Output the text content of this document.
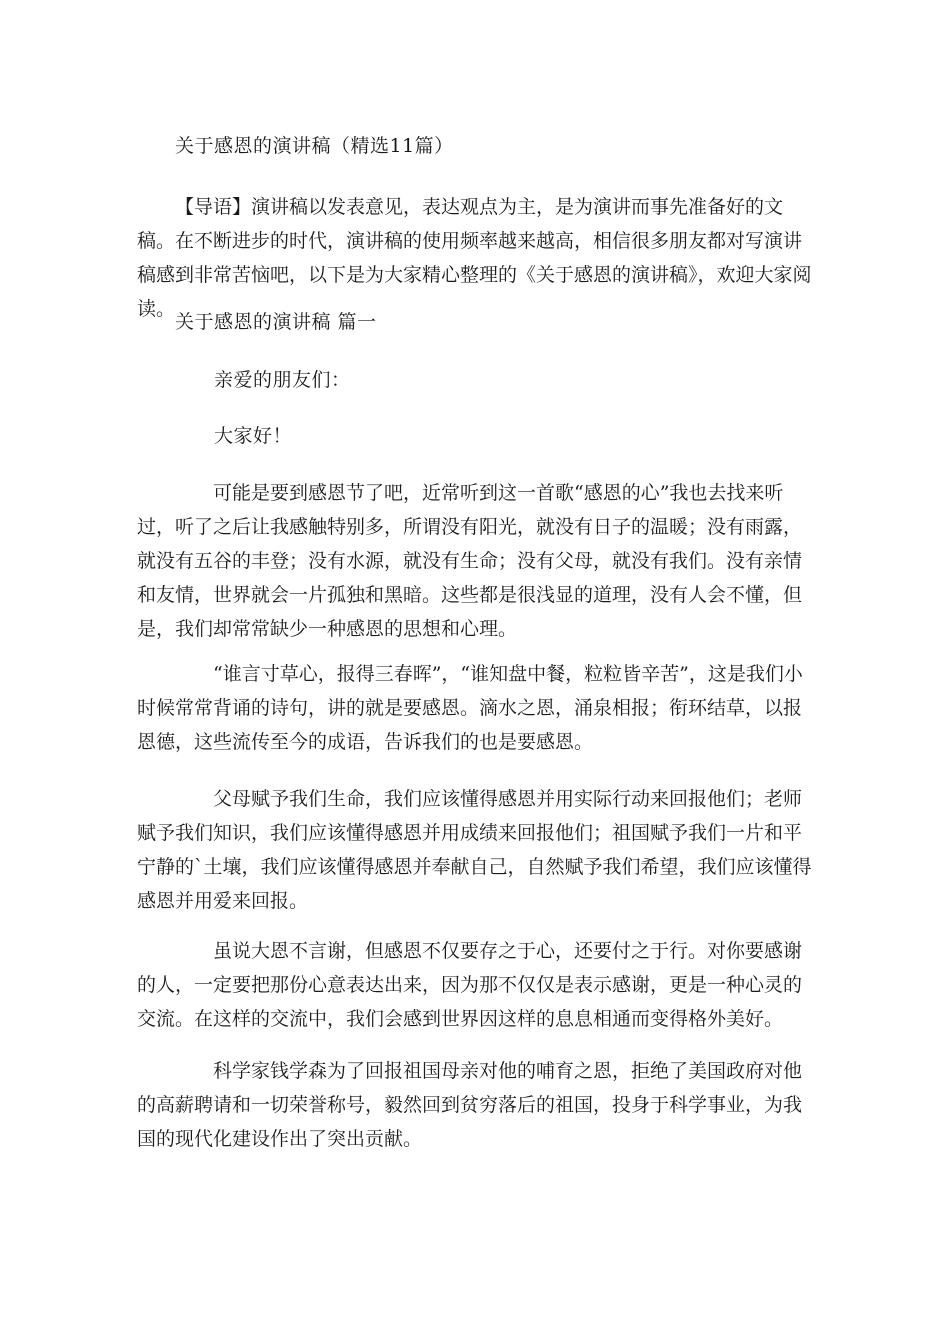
关于感恩的演讲稿（精选11篇）

【导语】演讲稿以发表意见，表达观点为主，是为演讲而事先准备好的文稿。在不断进步的时代，演讲稿的使用频率越来越高，相信很多朋友都对写演讲稿感到非常苦恼吧，以下是为大家精心整理的《关于感恩的演讲稿》，欢迎大家阅读。

关于感恩的演讲稿 篇一
亲爱的朋友们：
大家好！

可能是要到感恩节了吧，近常听到这一首歌“感恩的心”我也去找来听过，听了之后让我感触特别多，所谓没有阳光，就没有日子的温暖；没有雨露，就没有五谷的丰登；没有水源，就没有生命；没有父母，就没有我们。没有亲情和友情，世界就会一片孤独和黑暗。这些都是很浅显的道理，没有人会不懂，但是，我们却常常缺少一种感恩的思想和心理。

“谁言寸草心，报得三春晖”，“谁知盘中餐，粒粒皆辛苦”，这是我们小时候常常背诵的诗句，讲的就是要感恩。滴水之恩，涌泉相报；衔环结草，以报恩德，这些流传至今的成语，告诉我们的也是要感恩。

父母赋予我们生命，我们应该懂得感恩并用实际行动来回报他们；老师赋予我们知识，我们应该懂得感恩并用成绩来回报他们；祖国赋予我们一片和平宁静的`土壤，我们应该懂得感恩并奉献自己，自然赋予我们希望，我们应该懂得感恩并用爱来回报。

虽说大恩不言谢，但感恩不仅要存之于心，还要付之于行。对你要感谢的人，一定要把那份心意表达出来，因为那不仅仅是表示感谢，更是一种心灵的交流。在这样的交流中，我们会感到世界因这样的息息相通而变得格外美好。

科学家钱学森为了回报祖国母亲对他的哺育之恩，拒绝了美国政府对他的高薪聘请和一切荣誉称号，毅然回到贫穷落后的祖国，投身于科学事业，为我国的现代化建设作出了突出贡献。
